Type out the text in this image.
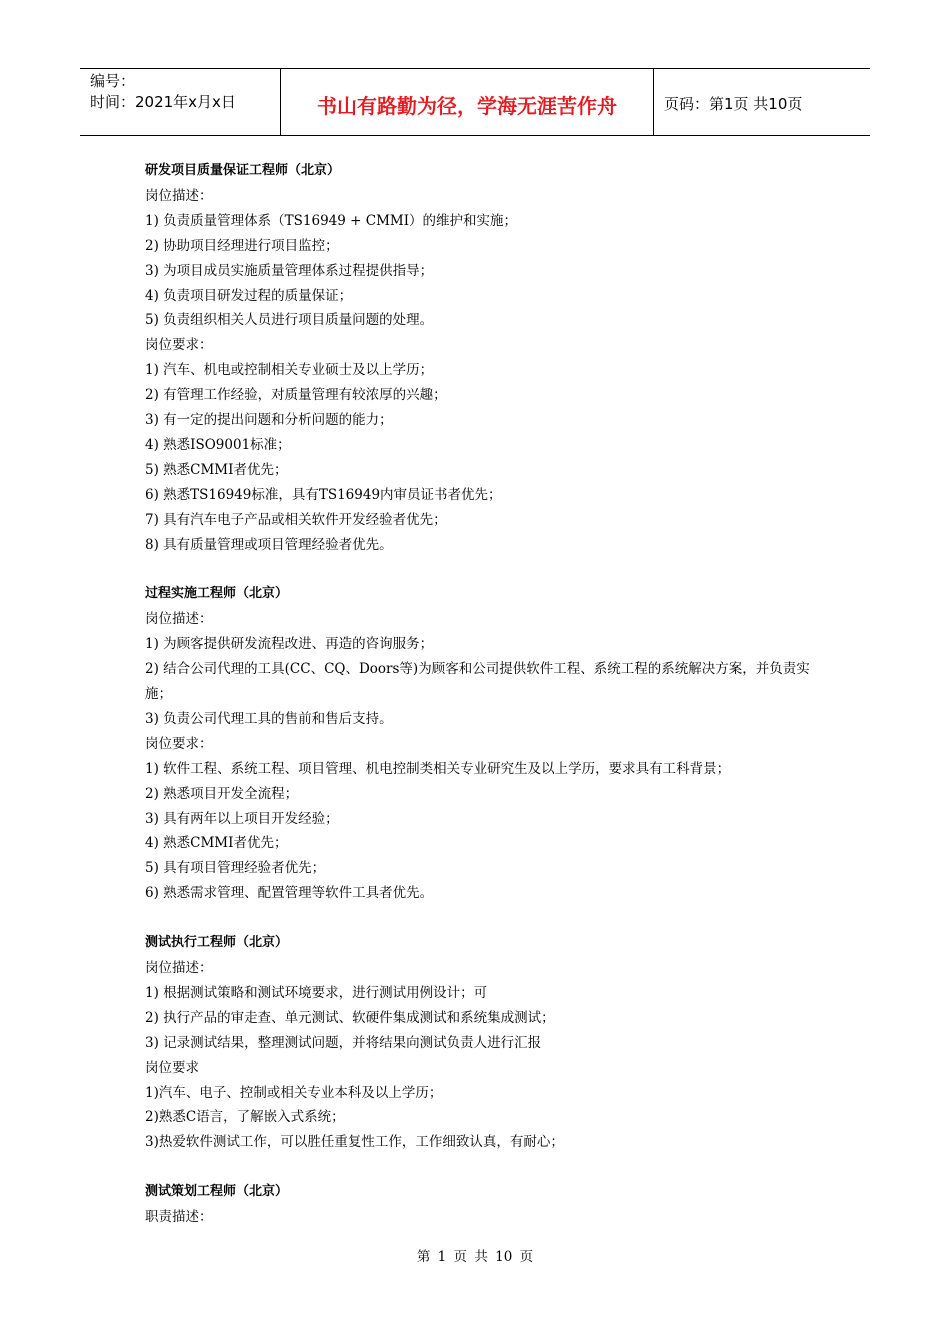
编号：
时间：2021年x月x日	书山有路勤为径，学海无涯苦作舟	页码：第1页 共10页
研发项目质量保证工程师（北京）
岗位描述：
1) 负责质量管理体系（TS16949 + CMMI）的维护和实施；
2) 协助项目经理进行项目监控；
3) 为项目成员实施质量管理体系过程提供指导；
4) 负责项目研发过程的质量保证；
5) 负责组织相关人员进行项目质量问题的处理。
岗位要求：
1) 汽车、机电或控制相关专业硕士及以上学历；
2) 有管理工作经验，对质量管理有较浓厚的兴趣；
3) 有一定的提出问题和分析问题的能力；
4) 熟悉ISO9001标准；
5) 熟悉CMMI者优先；
6) 熟悉TS16949标准，具有TS16949内审员证书者优先；
7) 具有汽车电子产品或相关软件开发经验者优先；
8) 具有质量管理或项目管理经验者优先。
过程实施工程师（北京）
岗位描述：
1) 为顾客提供研发流程改进、再造的咨询服务；
2) 结合公司代理的工具(CC、CQ、Doors等)为顾客和公司提供软件工程、系统工程的系统解决方案，并负责实施；
3) 负责公司代理工具的售前和售后支持。
岗位要求：
1) 软件工程、系统工程、项目管理、机电控制类相关专业研究生及以上学历，要求具有工科背景；
2) 熟悉项目开发全流程；
3) 具有两年以上项目开发经验；
4) 熟悉CMMI者优先；
5) 具有项目管理经验者优先；
6) 熟悉需求管理、配置管理等软件工具者优先。
测试执行工程师（北京）
岗位描述：
1) 根据测试策略和测试环境要求，进行测试用例设计；可
2) 执行产品的审走查、单元测试、软硬件集成测试和系统集成测试；
3) 记录测试结果，整理测试问题，并将结果向测试负责人进行汇报
岗位要求
1)汽车、电子、控制或相关专业本科及以上学历；
2)熟悉C语言，了解嵌入式系统；
3)热爱软件测试工作，可以胜任重复性工作，工作细致认真，有耐心；
测试策划工程师（北京）
职责描述：
第 1 页 共 10 页
